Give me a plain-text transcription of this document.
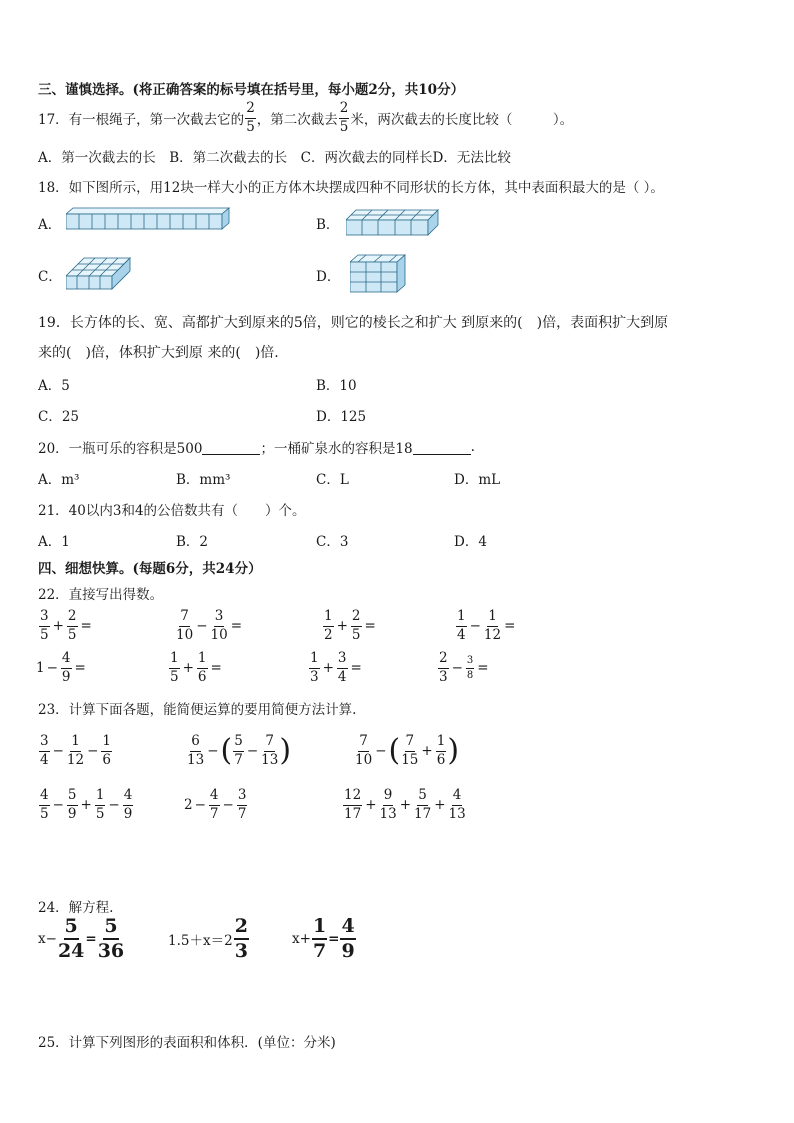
三、谨慎选择。(将正确答案的标号填在括号里，每小题2分，共10分）
17．有一根绳子，第一次截去它的 $\frac{2}{5}$ ，第二次截去 $\frac{2}{5}$ 米，两次截去的长度比较（　　　）。
A．第一次截去的长　B．第二次截去的长　C．两次截去的同样长D．无法比较
18．如下图所示，用12块一样大小的正方体木块摆成四种不同形状的长方体，其中表面积最大的是（ ）。
A．	B．
C．	D．
19．长方体的长、宽、高都扩大到原来的5倍，则它的棱长之和扩大 到原来的(　)倍，表面积扩大到原
来的(　)倍，体积扩大到原 来的(　)倍.
A．5	B．10
C．25	D．125
20．一瓶可乐的容积是500	；一桶矿泉水的容积是18	.
A．m³	B．mm³	C．L	D．mL
21．40以内3和4的公倍数共有（　　）个。
A．1	B．2	C．3	D．4
四、细想快算。(每题6分，共24分）
22．直接写出得数。
$\frac{3}{5} + \frac{2}{5}$ =	$\frac{7}{10} - \frac{3}{10}$ =	$\frac{1}{2} + \frac{2}{5}$ =	$\frac{1}{4} - \frac{1}{12}$ =
$1 - \frac{4}{9}$ =	$\frac{1}{5} + \frac{1}{6}$ =	$\frac{1}{3} + \frac{3}{4}$ =	$\frac{2}{3} - \frac{3}{8}$ =
23．计算下面各题，能简便运算的要用简便方法计算.
$\frac{3}{4} - \frac{1}{12} - \frac{1}{6}$	$\frac{6}{13}$ − ( $\frac{5}{7} - \frac{7}{13}$ )	$\frac{7}{10}$ − ( $\frac{7}{15} + \frac{1}{6}$ )
$\frac{4}{5} - \frac{5}{9} + \frac{1}{5} - \frac{4}{9}$	$2 - \frac{4}{7} - \frac{3}{7}$	$\frac{12}{17} + \frac{9}{13} + \frac{5}{17} + \frac{4}{13}$
24．解方程.
$x - \frac{5}{24} = \frac{5}{36}$	$1.5+x=2 \frac{2}{3}$	$x + \frac{1}{7} = \frac{4}{9}$
25．计算下列图形的表面积和体积．(单位：分米)
